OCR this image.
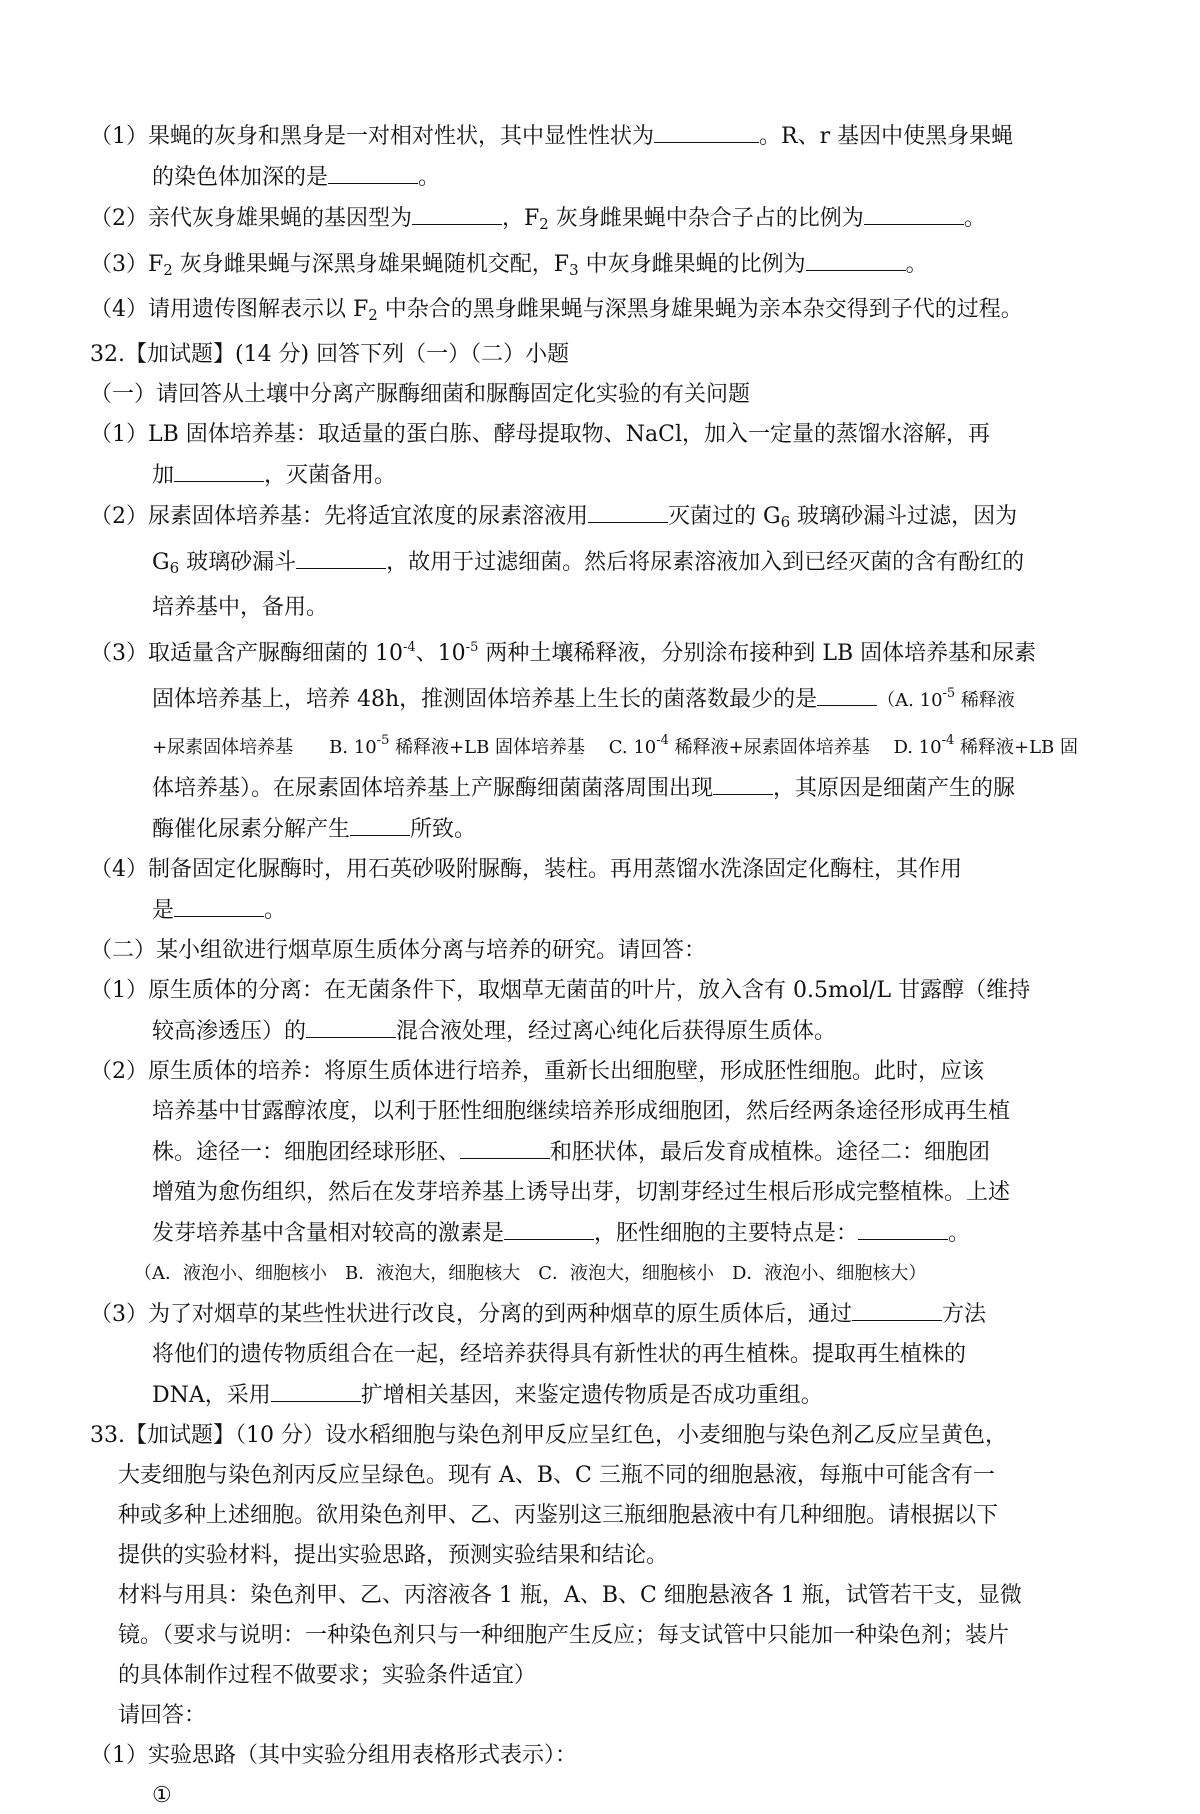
（1）果蝇的灰身和黑身是一对相对性状，其中显性性状为	。R、r 基因中使黑身果蝇
的染色体加深的是	。
（2）亲代灰身雄果蝇的基因型为	，$F_2$ 灰身雌果蝇中杂合子占的比例为	。
$(3)F_2$ 灰身雌果蝇与深黑身雄果蝇随机交配，$F_3$ 中灰身雌果蝇的比例为	。
（4）请用遗传图解表示以 $F_2$ 中杂合的黑身雌果蝇与深黑身雄果蝇为亲本杂交得到子代的过程。
32.【加试题】(14 分) 回答下列（一）（二）小题
（一）请回答从土壤中分离产脲酶细菌和脲酶固定化实验的有关问题
（1）LB 固体培养基：取适量的蛋白胨、酵母提取物、NaCl，加入一定量的蒸馏水溶解，再
加	，灭菌备用。
（2）尿素固体培养基：先将适宜浓度的尿素溶液用	灭菌过的 $G_6$ 玻璃砂漏斗过滤，因为
$G_6$ 玻璃砂漏斗	，故用于过滤细菌。然后将尿素溶液加入到已经灭菌的含有酚红的
培养基中，备用。
（3）取适量含产脲酶细菌的 $10^{-4}$、$10^{-5}$ 两种土壤稀释液，分别涂布接种到 LB 固体培养基和尿素
固体培养基上，培养 48h，推测固体培养基上生长的菌落数最少的是	（A. $10^{-5}$ 稀释液
+尿素固体培养基　　B. $10^{-5}$ 稀释液+LB 固体培养基　 C. $10^{-4}$ 稀释液+尿素固体培养基　 D. $10^{-4}$ 稀释液+LB 固
体培养基）。在尿素固体培养基上产脲酶细菌菌落周围出现	，其原因是细菌产生的脲
酶催化尿素分解产生	所致。
（4）制备固定化脲酶时，用石英砂吸附脲酶，装柱。再用蒸馏水洗涤固定化酶柱，其作用
是	。
（二）某小组欲进行烟草原生质体分离与培养的研究。请回答：
（1）原生质体的分离：在无菌条件下，取烟草无菌苗的叶片，放入含有 0.5mol/L 甘露醇（维持
较高渗透压）的	混合液处理，经过离心纯化后获得原生质体。
（2）原生质体的培养：将原生质体进行培养，重新长出细胞壁，形成胚性细胞。此时，应该
培养基中甘露醇浓度，以利于胚性细胞继续培养形成细胞团，然后经两条途径形成再生植
株。途径一：细胞团经球形胚、	和胚状体，最后发育成植株。途径二：细胞团
增殖为愈伤组织，然后在发芽培养基上诱导出芽，切割芽经过生根后形成完整植株。上述
发芽培养基中含量相对较高的激素是	，胚性细胞的主要特点是：	。
（A．液泡小、细胞核小　B．液泡大，细胞核大　C．液泡大，细胞核小　D．液泡小、细胞核大）
（3）为了对烟草的某些性状进行改良，分离的到两种烟草的原生质体后，通过	方法
将他们的遗传物质组合在一起，经培养获得具有新性状的再生植株。提取再生植株的
DNA，采用	扩增相关基因，来鉴定遗传物质是否成功重组。
33.【加试题】（10 分）设水稻细胞与染色剂甲反应呈红色，小麦细胞与染色剂乙反应呈黄色，
大麦细胞与染色剂丙反应呈绿色。现有 A、B、C 三瓶不同的细胞悬液，每瓶中可能含有一
种或多种上述细胞。欲用染色剂甲、乙、丙鉴别这三瓶细胞悬液中有几种细胞。请根据以下
提供的实验材料，提出实验思路，预测实验结果和结论。
材料与用具：染色剂甲、乙、丙溶液各 1 瓶，A、B、C 细胞悬液各 1 瓶，试管若干支，显微
镜。（要求与说明：一种染色剂只与一种细胞产生反应；每支试管中只能加一种染色剂；装片
的具体制作过程不做要求；实验条件适宜）
请回答：
（1）实验思路（其中实验分组用表格形式表示）：
①
